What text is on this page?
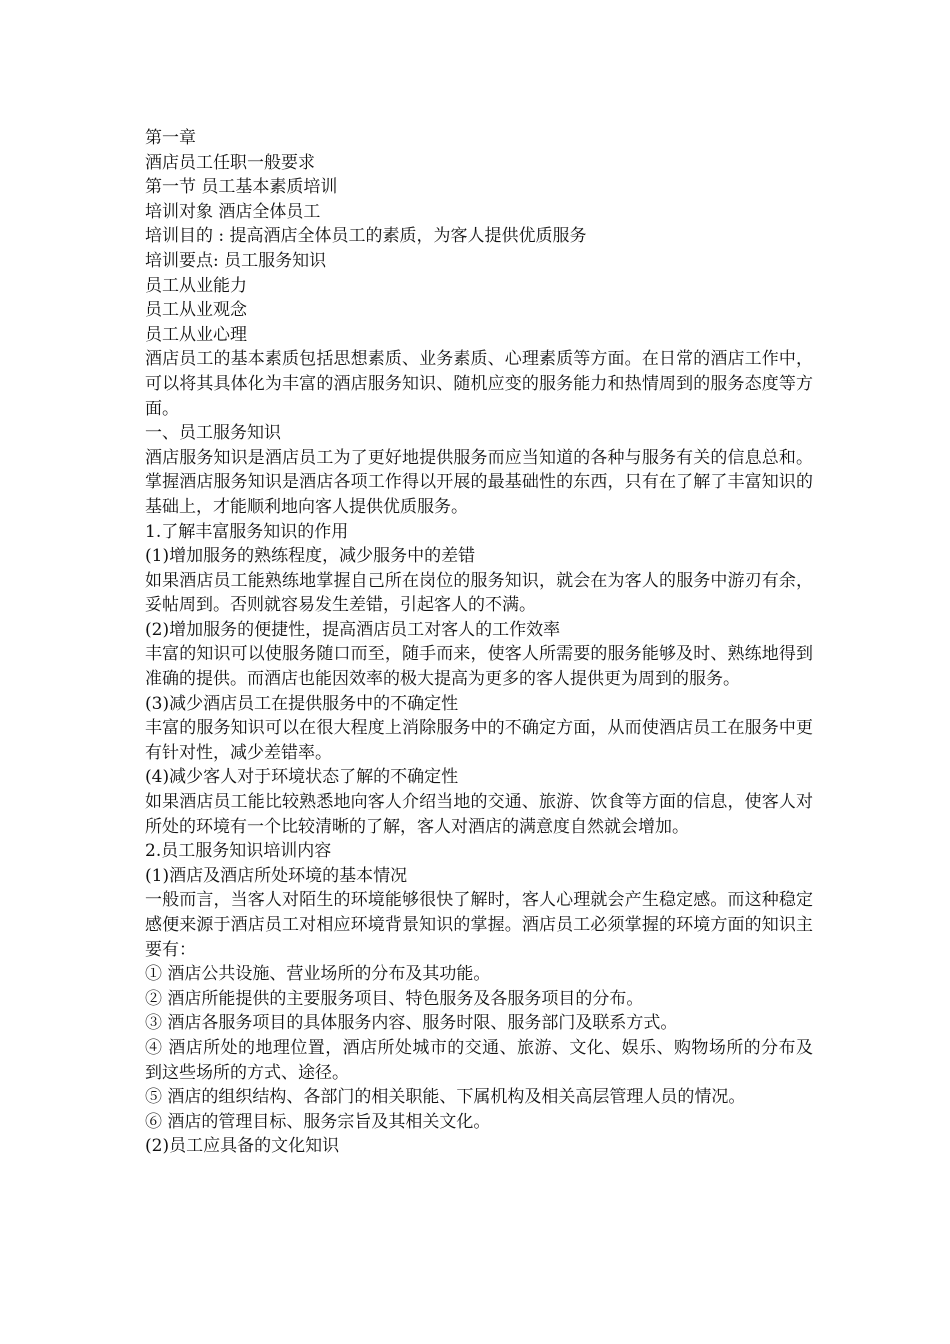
第一章

酒店员工任职一般要求

第一节 员工基本素质培训

培训对象 酒店全体员工

培训目的 : 提高酒店全体员工的素质，为客人提供优质服务

培训要点: 员工服务知识

员工从业能力

员工从业观念

员工从业心理

酒店员工的基本素质包括思想素质、业务素质、心理素质等方面。在日常的酒店工作中，可以将其具体化为丰富的酒店服务知识、随机应变的服务能力和热情周到的服务态度等方面。

一、员工服务知识

酒店服务知识是酒店员工为了更好地提供服务而应当知道的各种与服务有关的信息总和。掌握酒店服务知识是酒店各项工作得以开展的最基础性的东西，只有在了解了丰富知识的基础上，才能顺利地向客人提供优质服务。

1.了解丰富服务知识的作用

(1)增加服务的熟练程度，减少服务中的差错

如果酒店员工能熟练地掌握自己所在岗位的服务知识，就会在为客人的服务中游刃有余，妥帖周到。否则就容易发生差错，引起客人的不满。

(2)增加服务的便捷性，提高酒店员工对客人的工作效率

丰富的知识可以使服务随口而至，随手而来，使客人所需要的服务能够及时、熟练地得到准确的提供。而酒店也能因效率的极大提高为更多的客人提供更为周到的服务。

(3)减少酒店员工在提供服务中的不确定性

丰富的服务知识可以在很大程度上消除服务中的不确定方面，从而使酒店员工在服务中更有针对性，减少差错率。

(4)减少客人对于环境状态了解的不确定性

如果酒店员工能比较熟悉地向客人介绍当地的交通、旅游、饮食等方面的信息，使客人对所处的环境有一个比较清晰的了解，客人对酒店的满意度自然就会增加。

2.员工服务知识培训内容

(1)酒店及酒店所处环境的基本情况

一般而言，当客人对陌生的环境能够很快了解时，客人心理就会产生稳定感。而这种稳定感便来源于酒店员工对相应环境背景知识的掌握。酒店员工必须掌握的环境方面的知识主要有：

① 酒店公共设施、营业场所的分布及其功能。

② 酒店所能提供的主要服务项目、特色服务及各服务项目的分布。

③ 酒店各服务项目的具体服务内容、服务时限、服务部门及联系方式。

④ 酒店所处的地理位置，酒店所处城市的交通、旅游、文化、娱乐、购物场所的分布及到这些场所的方式、途径。

⑤ 酒店的组织结构、各部门的相关职能、下属机构及相关高层管理人员的情况。

⑥ 酒店的管理目标、服务宗旨及其相关文化。

(2)员工应具备的文化知识
